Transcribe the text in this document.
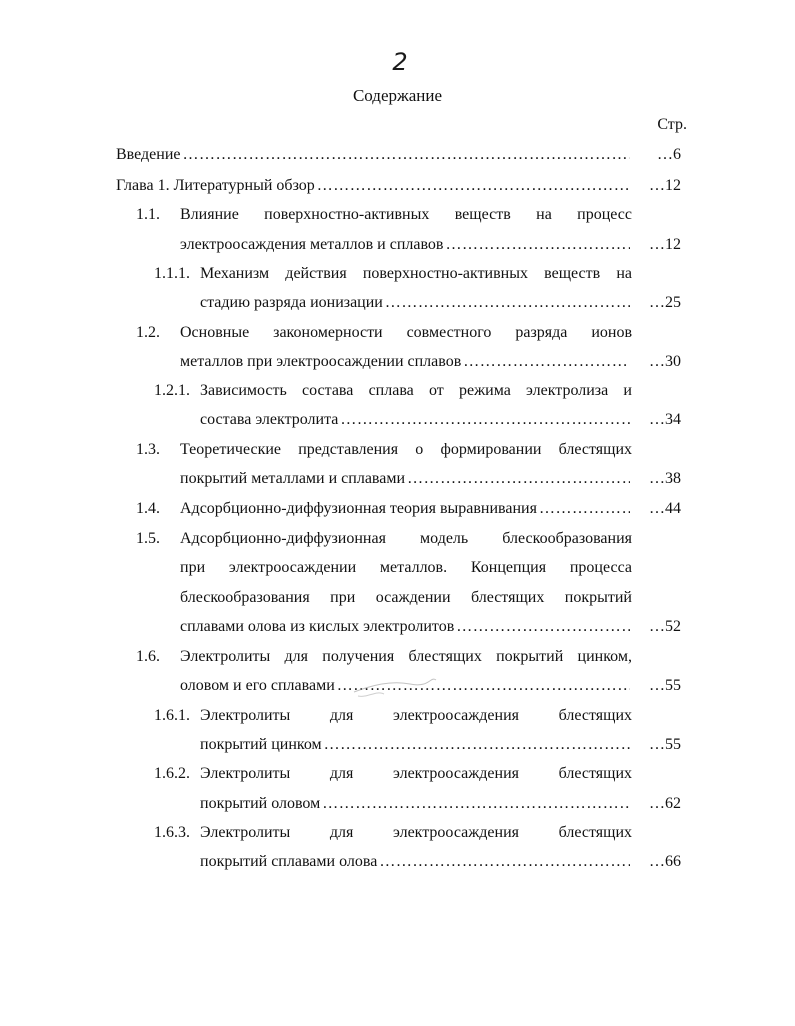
2
Содержание
Стр.
Введение …………………………………………………………………………………………………………	…6
Глава 1. Литературный обзор …………………………………………………………………………………………………………	…12
1.1. Влияние поверхностно-активных веществ на процесс
электроосаждения металлов и сплавов …………………………………………………………………………………………………………	…12
1.1.1. Механизм действия поверхностно-активных веществ на
стадию разряда ионизации …………………………………………………………………………………………………………	…25
1.2. Основные закономерности совместного разряда ионов
металлов при электроосаждении сплавов …………………………………………………………………………………………………………	…30
1.2.1. Зависимость состава сплава от режима электролиза и
состава электролита …………………………………………………………………………………………………………	…34
1.3. Теоретические представления о формировании блестящих
покрытий металлами и сплавами …………………………………………………………………………………………………………	…38
1.4. Адсорбционно-диффузионная теория выравнивания …………………………………………………………………………………………………………	…44
1.5. Адсорбционно-диффузионная модель блескообразования
при электроосаждении металлов. Концепция процесса
блескообразования при осаждении блестящих покрытий
сплавами олова из кислых электролитов …………………………………………………………………………………………………………	…52
1.6. Электролиты для получения блестящих покрытий цинком,
оловом и его сплавами …………………………………………………………………………………………………………	…55
1.6.1. Электролиты для электроосаждения блестящих
покрытий цинком …………………………………………………………………………………………………………	…55
1.6.2. Электролиты для электроосаждения блестящих
покрытий оловом …………………………………………………………………………………………………………	…62
1.6.3. Электролиты для электроосаждения блестящих
покрытий сплавами олова …………………………………………………………………………………………………………	…66
